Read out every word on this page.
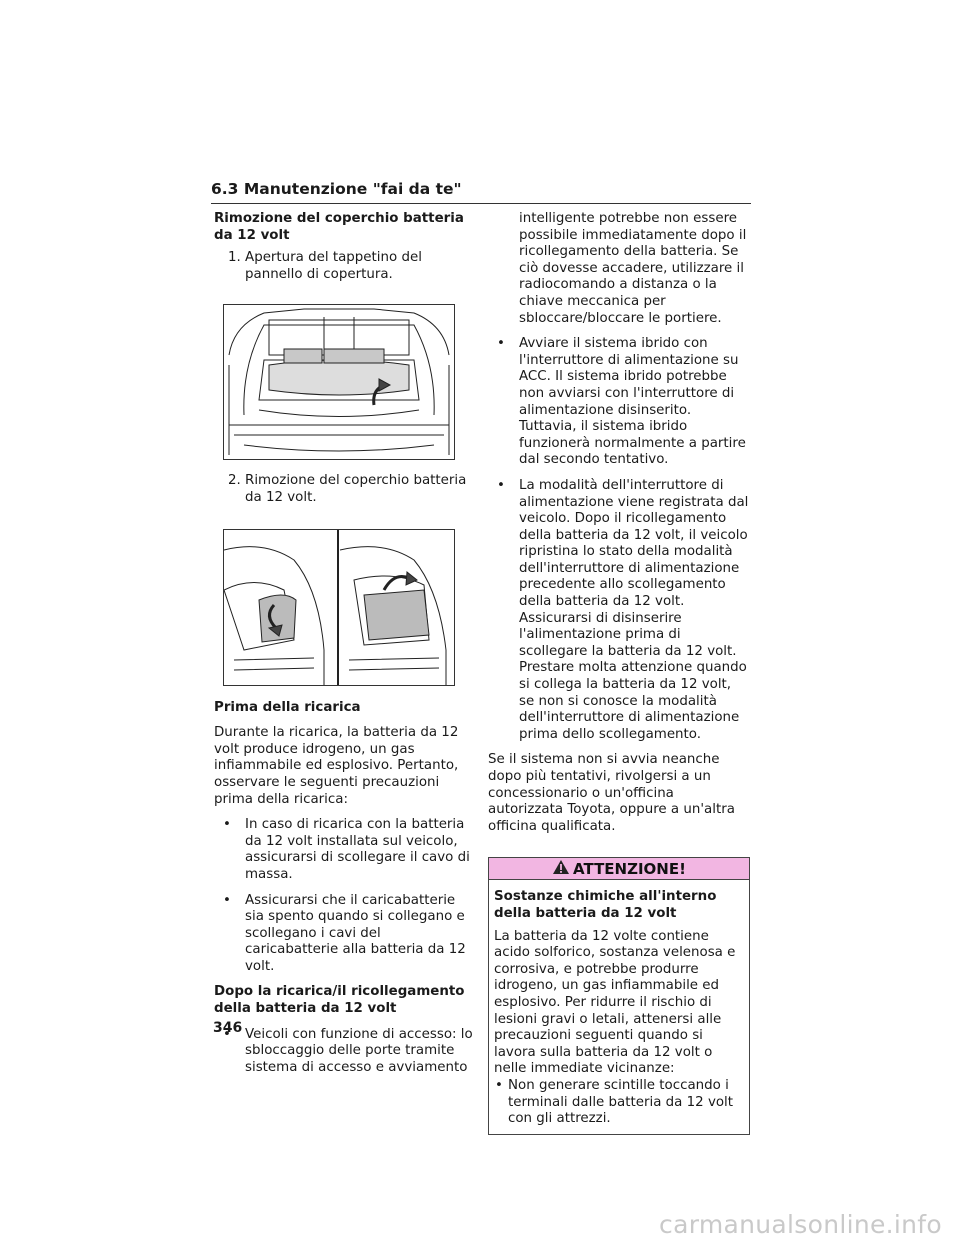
6.3 Manutenzione "fai da te"

Rimozione del coperchio batteria da 12 volt

1. Apertura del tappetino del pannello di copertura.

2. Rimozione del coperchio batteria da 12 volt.

Prima della ricarica

Durante la ricarica, la batteria da 12 volt produce idrogeno, un gas infiammabile ed esplosivo. Pertanto, osservare le seguenti precauzioni prima della ricarica:

• In caso di ricarica con la batteria da 12 volt installata sul veicolo, assicurarsi di scollegare il cavo di massa.

• Assicurarsi che il caricabatterie sia spento quando si collegano e scollegano i cavi del caricabatterie alla batteria da 12 volt.

Dopo la ricarica/il ricollegamento della batteria da 12 volt

• Veicoli con funzione di accesso: lo sbloccaggio delle porte tramite sistema di accesso e avviamento

intelligente potrebbe non essere possibile immediatamente dopo il ricollegamento della batteria. Se ciò dovesse accadere, utilizzare il radiocomando a distanza o la chiave meccanica per sbloccare/bloccare le portiere.

• Avviare il sistema ibrido con l'interruttore di alimentazione su ACC. Il sistema ibrido potrebbe non avviarsi con l'interruttore di alimentazione disinserito. Tuttavia, il sistema ibrido funzionerà normalmente a partire dal secondo tentativo.

• La modalità dell'interruttore di alimentazione viene registrata dal veicolo. Dopo il ricollegamento della batteria da 12 volt, il veicolo ripristina lo stato della modalità dell'interruttore di alimentazione precedente allo scollegamento della batteria da 12 volt. Assicurarsi di disinserire l'alimentazione prima di scollegare la batteria da 12 volt. Prestare molta attenzione quando si collega la batteria da 12 volt, se non si conosce la modalità dell'interruttore di alimentazione prima dello scollegamento.

Se il sistema non si avvia neanche dopo più tentativi, rivolgersi a un concessionario o un'officina autorizzata Toyota, oppure a un'altra officina qualificata.

ATTENZIONE!

Sostanze chimiche all'interno della batteria da 12 volt

La batteria da 12 volte contiene acido solforico, sostanza velenosa e corrosiva, e potrebbe produrre idrogeno, un gas infiammabile ed esplosivo. Per ridurre il rischio di lesioni gravi o letali, attenersi alle precauzioni seguenti quando si lavora sulla batteria da 12 volt o nelle immediate vicinanze:

• Non generare scintille toccando i terminali dalle batteria da 12 volt con gli attrezzi.

346
carmanualsonline.info
